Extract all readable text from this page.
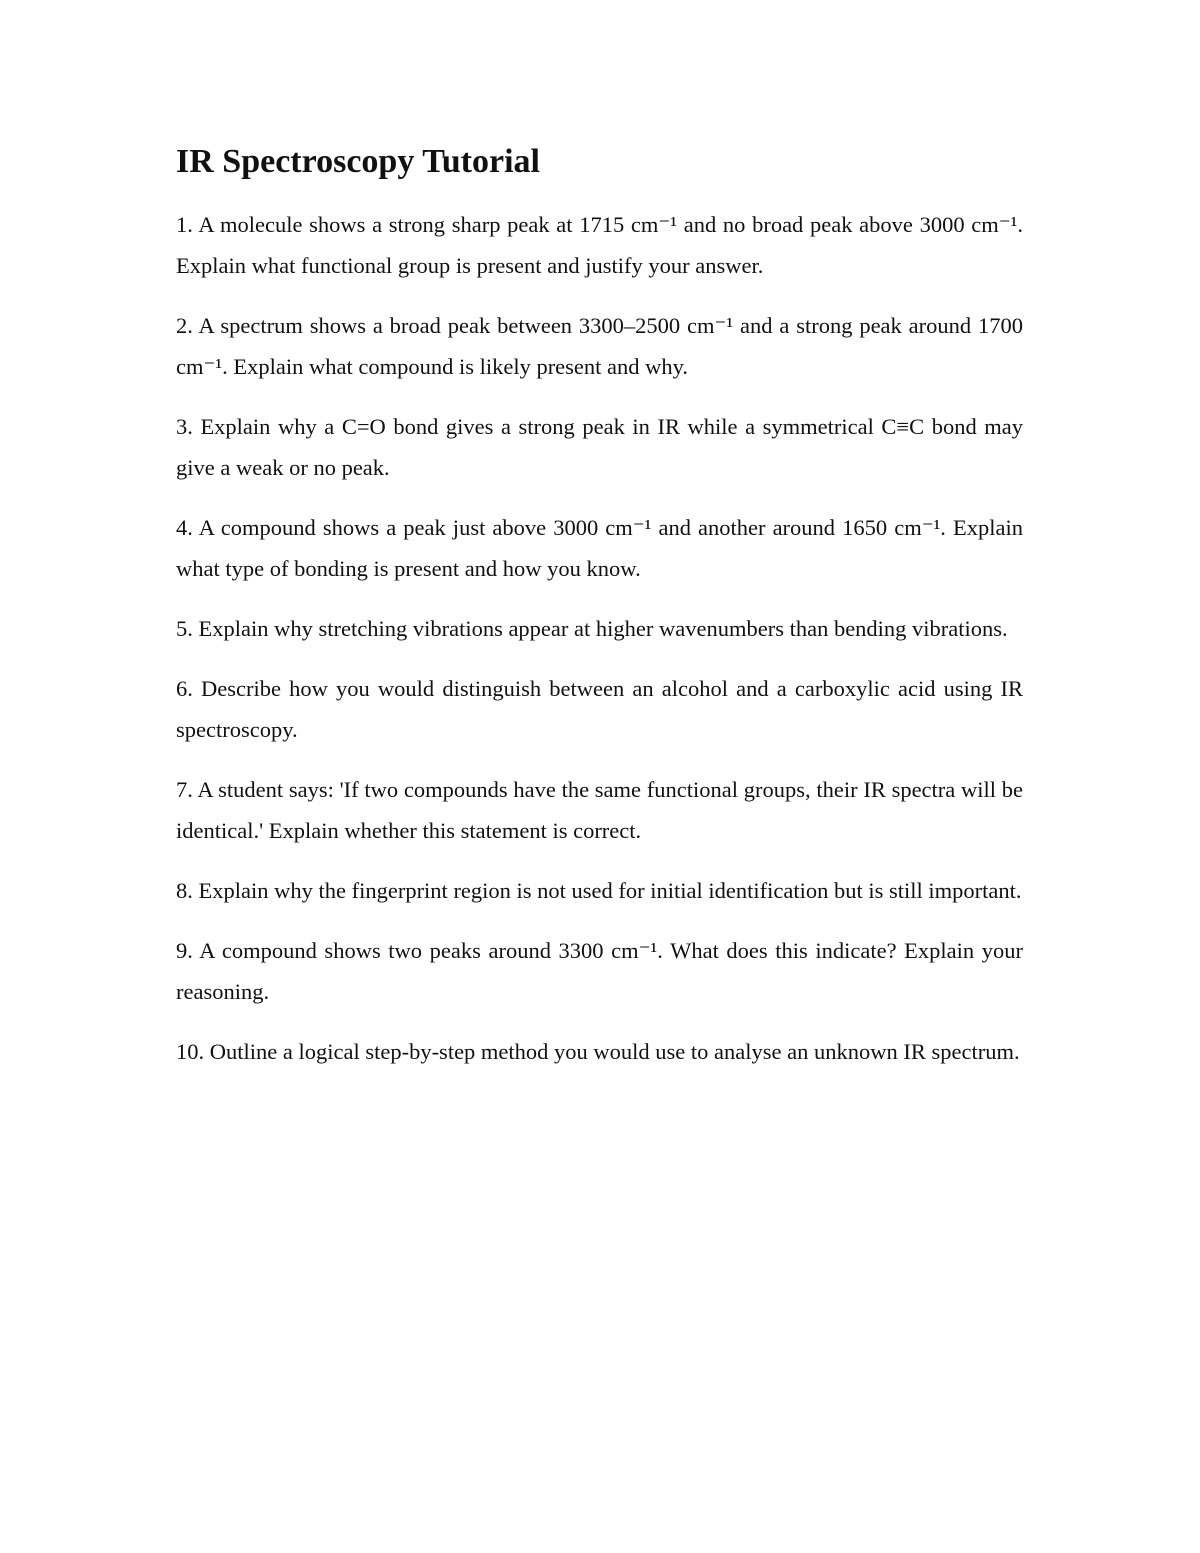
IR Spectroscopy Tutorial

1. A molecule shows a strong sharp peak at 1715 cm⁻¹ and no broad peak above 3000 cm⁻¹. Explain what functional group is present and justify your answer.

2. A spectrum shows a broad peak between 3300–2500 cm⁻¹ and a strong peak around 1700 cm⁻¹. Explain what compound is likely present and why.

3. Explain why a C=O bond gives a strong peak in IR while a symmetrical C≡C bond may give a weak or no peak.

4. A compound shows a peak just above 3000 cm⁻¹ and another around 1650 cm⁻¹. Explain what type of bonding is present and how you know.

5. Explain why stretching vibrations appear at higher wavenumbers than bending vibrations.

6. Describe how you would distinguish between an alcohol and a carboxylic acid using IR spectroscopy.

7. A student says: 'If two compounds have the same functional groups, their IR spectra will be identical.' Explain whether this statement is correct.

8. Explain why the fingerprint region is not used for initial identification but is still important.

9. A compound shows two peaks around 3300 cm⁻¹. What does this indicate? Explain your reasoning.

10. Outline a logical step-by-step method you would use to analyse an unknown IR spectrum.
